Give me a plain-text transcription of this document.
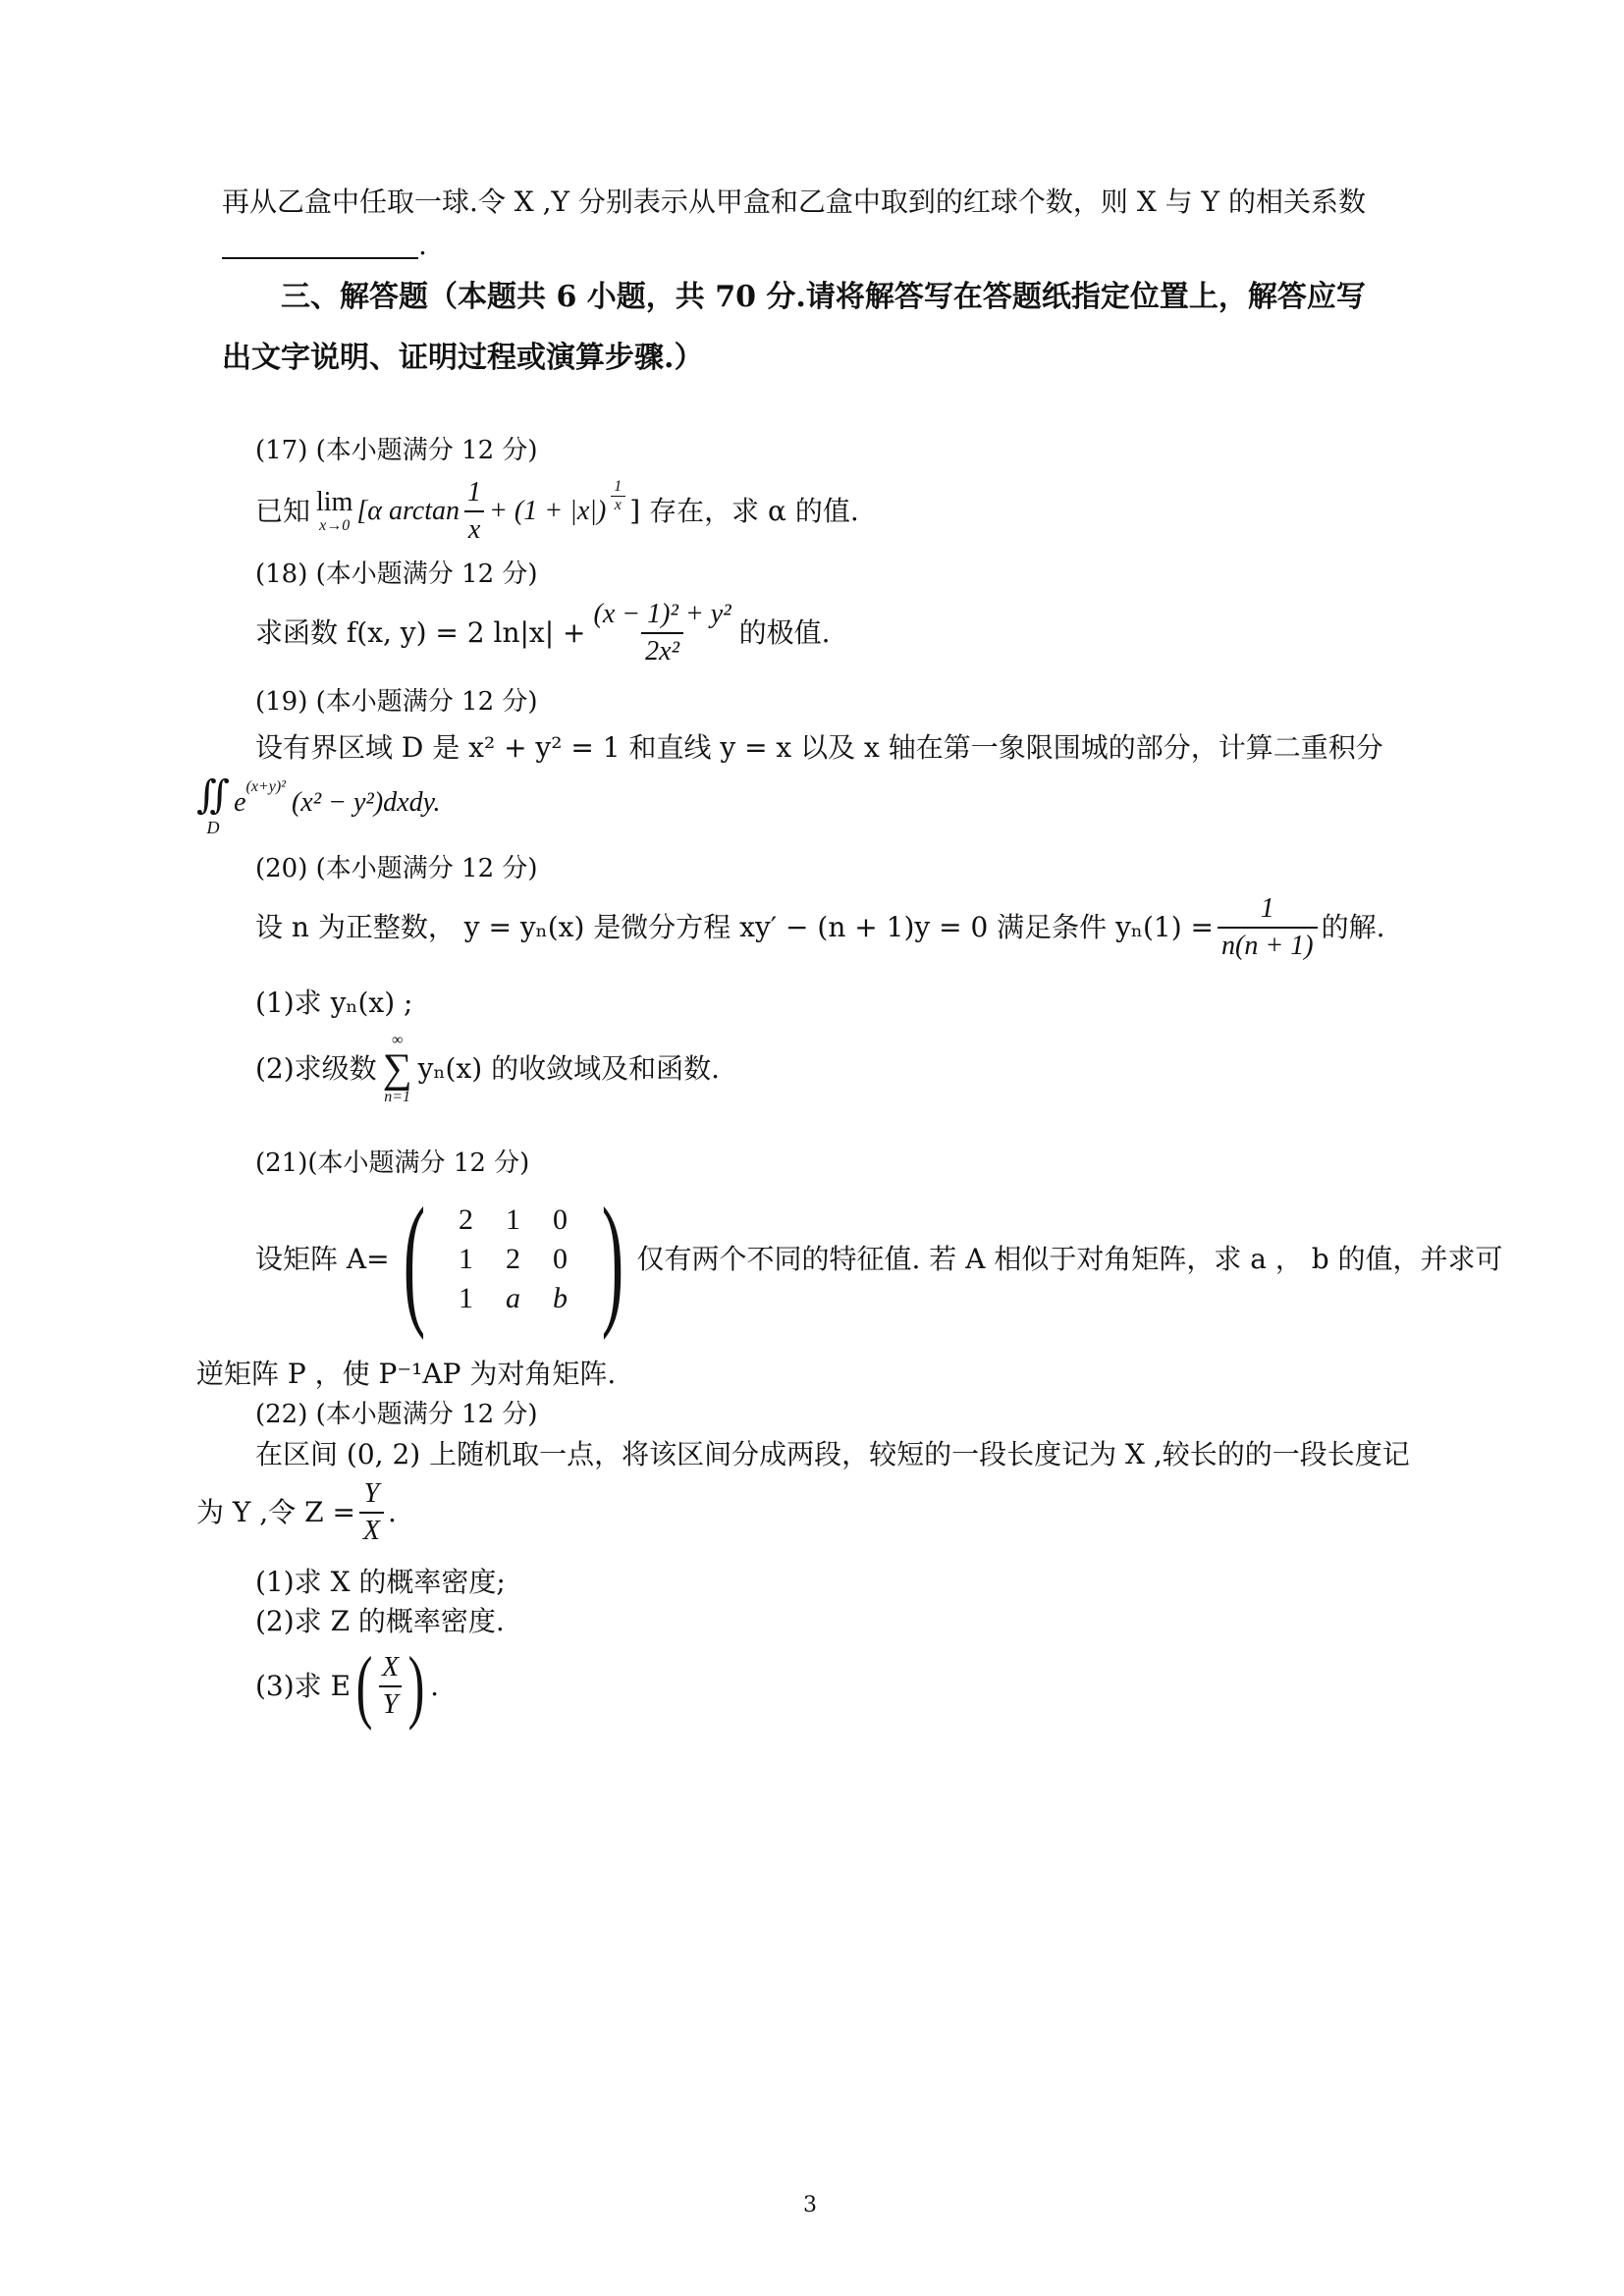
再从乙盒中任取一球.令 X ,Y 分别表示从甲盒和乙盒中取到的红球个数，则 X 与 Y 的相关系数
.
三、解答题（本题共 6 小题，共 70 分.请将解答写在答题纸指定位置上，解答应写
出文字说明、证明过程或演算步骤.）
(17) (本小题满分 12 分)
已知 lim
x→0 [α $\arctan \frac{1}{x} + (1 + |x|) \frac{1}{x}$ ] 存在，求 α 的值.
(18) (本小题满分 12 分)
求函数 f(x, y) = 2 $\ln|x| + \frac{\text{(x − 1)² + y²}}{\text{2x²}}$ 的极值.
(19) (本小题满分 12 分)
设有界区域 D 是 x² + y² = 1 和直线 y = x 以及 x 轴在第一象限围城的部分，计算二重积分
∬
D
e
(x+y)²
(x² − y²)dxdy.
(20) (本小题满分 12 分)
设 n 为正整数， y = yₙ(x) 是微分方程 xy′ − (n + 1)y = 0 满足条件 $y_n(1) = \frac{1}{n(n + 1)}$ 的解.
(1)求 yₙ(x) ;
(2)求级数
∞
∑
n=1
yₙ(x) 的收敛域及和函数.
(21)(本小题满分 12 分)
设矩阵 A= (	2	1	0
1	2	0
1	a	b ) 仅有两个不同的特征值. 若 A 相似于对角矩阵，求 a ， b 的值，并求可
逆矩阵 P ，使 P⁻¹AP 为对角矩阵.
(22) (本小题满分 12 分)
在区间 (0, 2) 上随机取一点，将该区间分成两段，较短的一段长度记为 X ,较长的的一段长度记
为 Y ,令 $Z = \frac{Y}{X}$ .
(1)求 X 的概率密度;
(2)求 Z 的概率密度.
(3)求 E ( $\frac{X}{Y}$ ) .
3
